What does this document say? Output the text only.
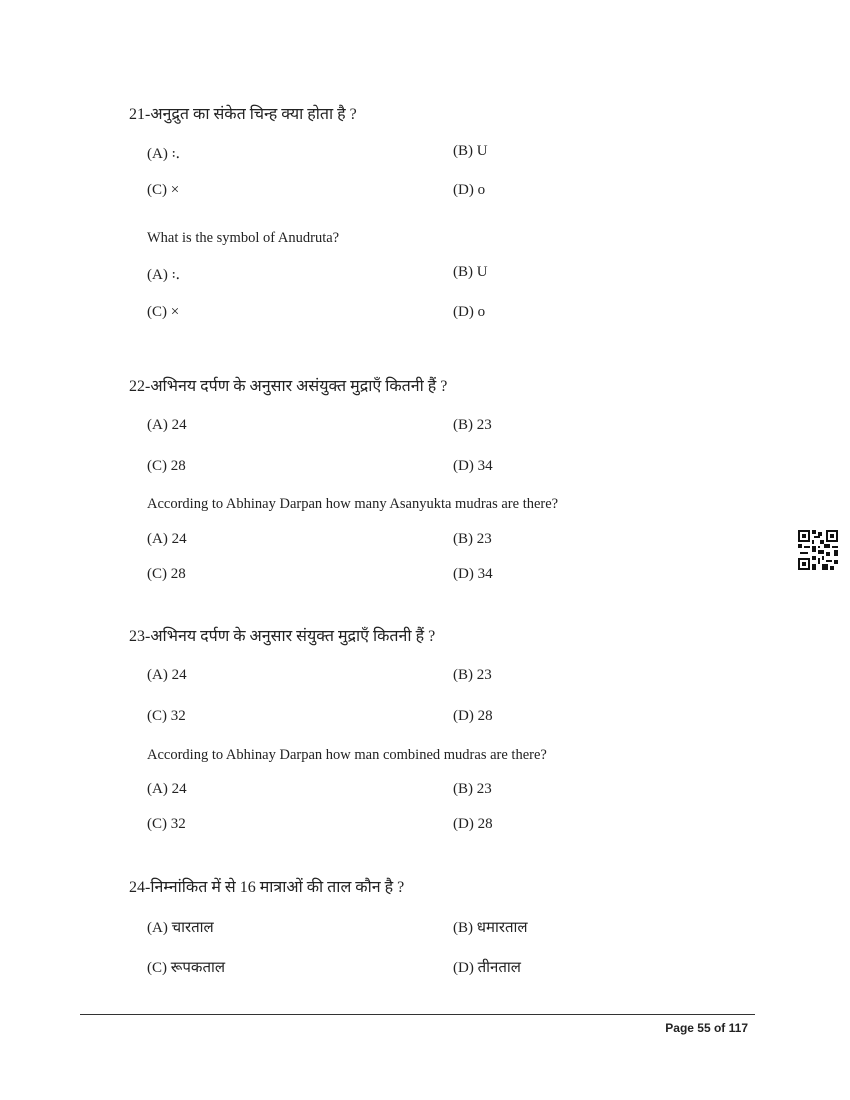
21-अनुद्रुत का संकेत चिन्ह क्या होता है ?
(A) ꞉ᱹ	(B) U
(C) ×	(D) o
What is the symbol of Anudruta?
(A) ꞉ᱹ	(B) U
(C) ×	(D) o
22-अभिनय दर्पण के अनुसार असंयुक्त मुद्राएँ कितनी हैं ?
(A) 24	(B) 23
(C) 28	(D) 34
According to Abhinay Darpan how many Asanyukta mudras are there?
(A) 24	(B) 23
(C) 28	(D) 34
23-अभिनय दर्पण के अनुसार संयुक्त मुद्राएँ कितनी हैं ?
(A) 24	(B) 23
(C) 32	(D) 28
According to Abhinay Darpan how man combined mudras are there?
(A) 24	(B) 23
(C) 32	(D) 28
24-निम्नांकित में से 16 मात्राओं की ताल कौन है ?
(A) चारताल	(B) धमारताल
(C) रूपकताल	(D) तीनताल
Page 55 of 117
